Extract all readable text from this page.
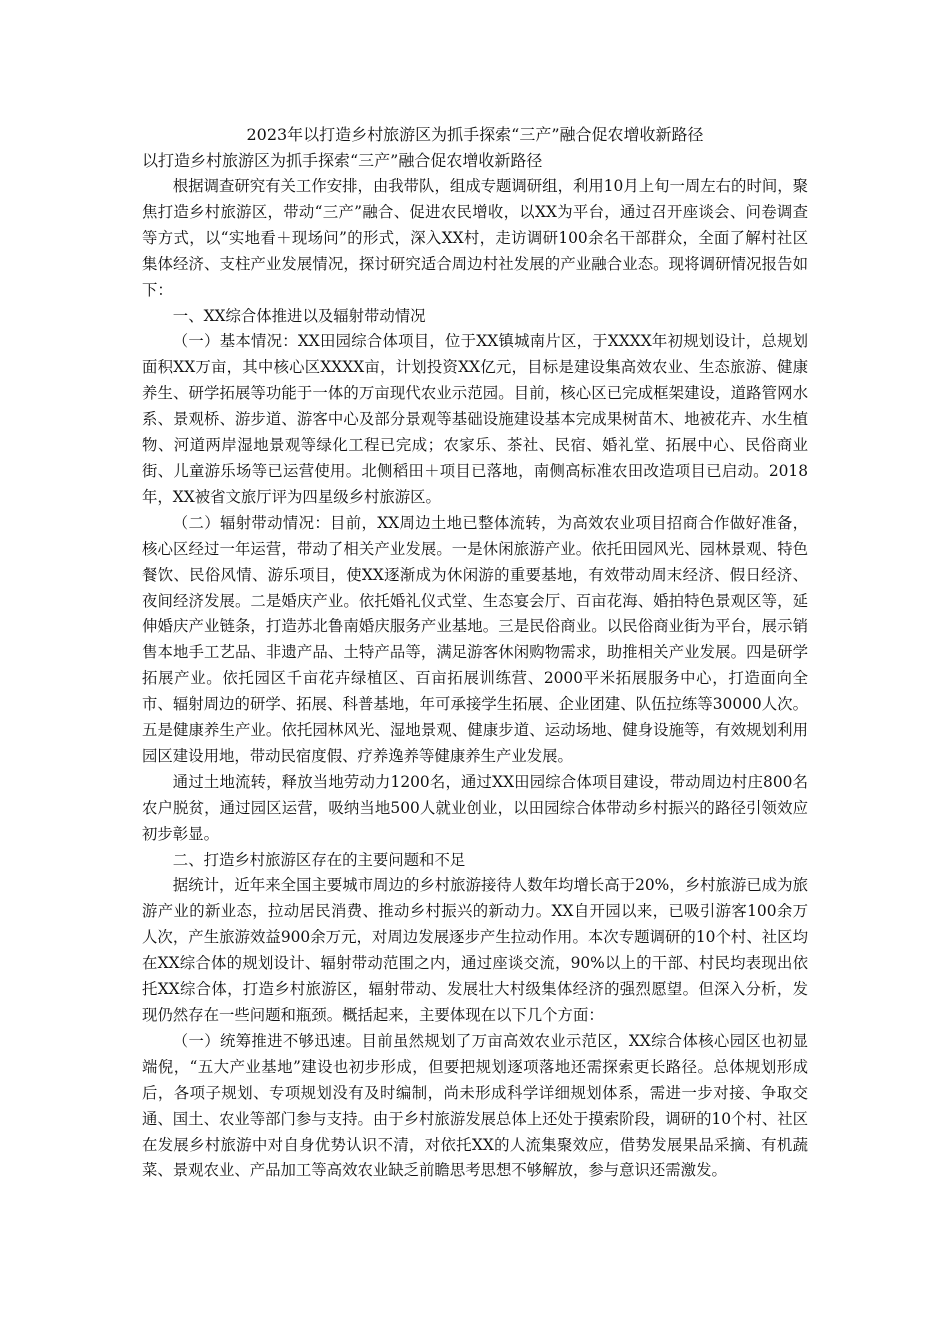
2023年以打造乡村旅游区为抓手探索“三产”融合促农增收新路径

以打造乡村旅游区为抓手探索“三产”融合促农增收新路径

根据调查研究有关工作安排，由我带队，组成专题调研组，利用10月上旬一周左右的时间，聚焦打造乡村旅游区，带动“三产”融合、促进农民增收，以XX为平台，通过召开座谈会、问卷调查等方式，以“实地看＋现场问”的形式，深入XX村，走访调研100余名干部群众，全面了解村社区集体经济、支柱产业发展情况，探讨研究适合周边村社发展的产业融合业态。现将调研情况报告如下：

一、XX综合体推进以及辐射带动情况

（一）基本情况：XX田园综合体项目，位于XX镇城南片区，于XXXX年初规划设计，总规划面积XX万亩，其中核心区XXXX亩，计划投资XX亿元，目标是建设集高效农业、生态旅游、健康养生、研学拓展等功能于一体的万亩现代农业示范园。目前，核心区已完成框架建设，道路管网水系、景观桥、游步道、游客中心及部分景观等基础设施建设基本完成果树苗木、地被花卉、水生植物、河道两岸湿地景观等绿化工程已完成；农家乐、茶社、民宿、婚礼堂、拓展中心、民俗商业街、儿童游乐场等已运营使用。北侧稻田＋项目已落地，南侧高标准农田改造项目已启动。2018年，XX被省文旅厅评为四星级乡村旅游区。

（二）辐射带动情况：目前，XX周边土地已整体流转，为高效农业项目招商合作做好准备，核心区经过一年运营，带动了相关产业发展。一是休闲旅游产业。依托田园风光、园林景观、特色餐饮、民俗风情、游乐项目，使XX逐渐成为休闲游的重要基地，有效带动周末经济、假日经济、夜间经济发展。二是婚庆产业。依托婚礼仪式堂、生态宴会厅、百亩花海、婚拍特色景观区等，延伸婚庆产业链条，打造苏北鲁南婚庆服务产业基地。三是民俗商业。以民俗商业街为平台，展示销售本地手工艺品、非遗产品、土特产品等，满足游客休闲购物需求，助推相关产业发展。四是研学拓展产业。依托园区千亩花卉绿植区、百亩拓展训练营、2000平米拓展服务中心，打造面向全市、辐射周边的研学、拓展、科普基地，年可承接学生拓展、企业团建、队伍拉练等30000人次。五是健康养生产业。依托园林风光、湿地景观、健康步道、运动场地、健身设施等，有效规划利用园区建设用地，带动民宿度假、疗养逸养等健康养生产业发展。

通过土地流转，释放当地劳动力1200名，通过XX田园综合体项目建设，带动周边村庄800名农户脱贫，通过园区运营，吸纳当地500人就业创业，以田园综合体带动乡村振兴的路径引领效应初步彰显。

二、打造乡村旅游区存在的主要问题和不足

据统计，近年来全国主要城市周边的乡村旅游接待人数年均增长高于20%，乡村旅游已成为旅游产业的新业态，拉动居民消费、推动乡村振兴的新动力。XX自开园以来，已吸引游客100余万人次，产生旅游效益900余万元，对周边发展逐步产生拉动作用。本次专题调研的10个村、社区均在XX综合体的规划设计、辐射带动范围之内，通过座谈交流，90%以上的干部、村民均表现出依托XX综合体，打造乡村旅游区，辐射带动、发展壮大村级集体经济的强烈愿望。但深入分析，发现仍然存在一些问题和瓶颈。概括起来，主要体现在以下几个方面：

（一）统筹推进不够迅速。目前虽然规划了万亩高效农业示范区，XX综合体核心园区也初显端倪，“五大产业基地”建设也初步形成，但要把规划逐项落地还需探索更长路径。总体规划形成后，各项子规划、专项规划没有及时编制，尚未形成科学详细规划体系，需进一步对接、争取交通、国土、农业等部门参与支持。由于乡村旅游发展总体上还处于摸索阶段，调研的10个村、社区在发展乡村旅游中对自身优势认识不清，对依托XX的人流集聚效应，借势发展果品采摘、有机蔬菜、景观农业、产品加工等高效农业缺乏前瞻思考思想不够解放，参与意识还需激发。
